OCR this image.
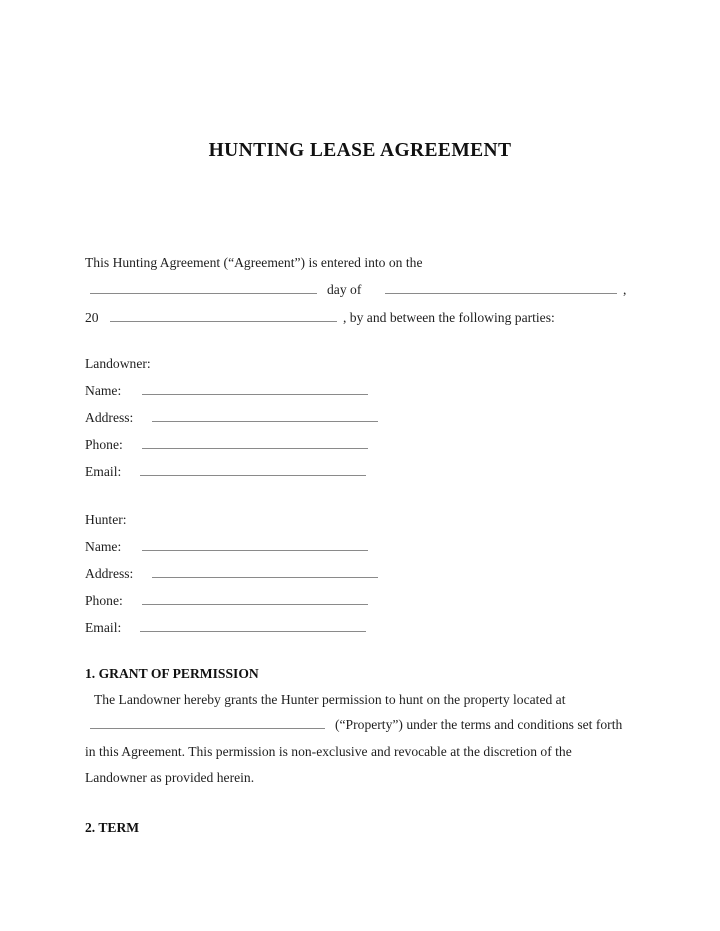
HUNTING LEASE AGREEMENT
This Hunting Agreement (“Agreement”) is entered into on the
day of	,
20	, by and between the following parties:
Landowner:
Name:
Address:
Phone:
Email:
Hunter:
Name:
Address:
Phone:
Email:
1. GRANT OF PERMISSION
The Landowner hereby grants the Hunter permission to hunt on the property located at
(“Property”) under the terms and conditions set forth
in this Agreement. This permission is non-exclusive and revocable at the discretion of the
Landowner as provided herein.
2. TERM
